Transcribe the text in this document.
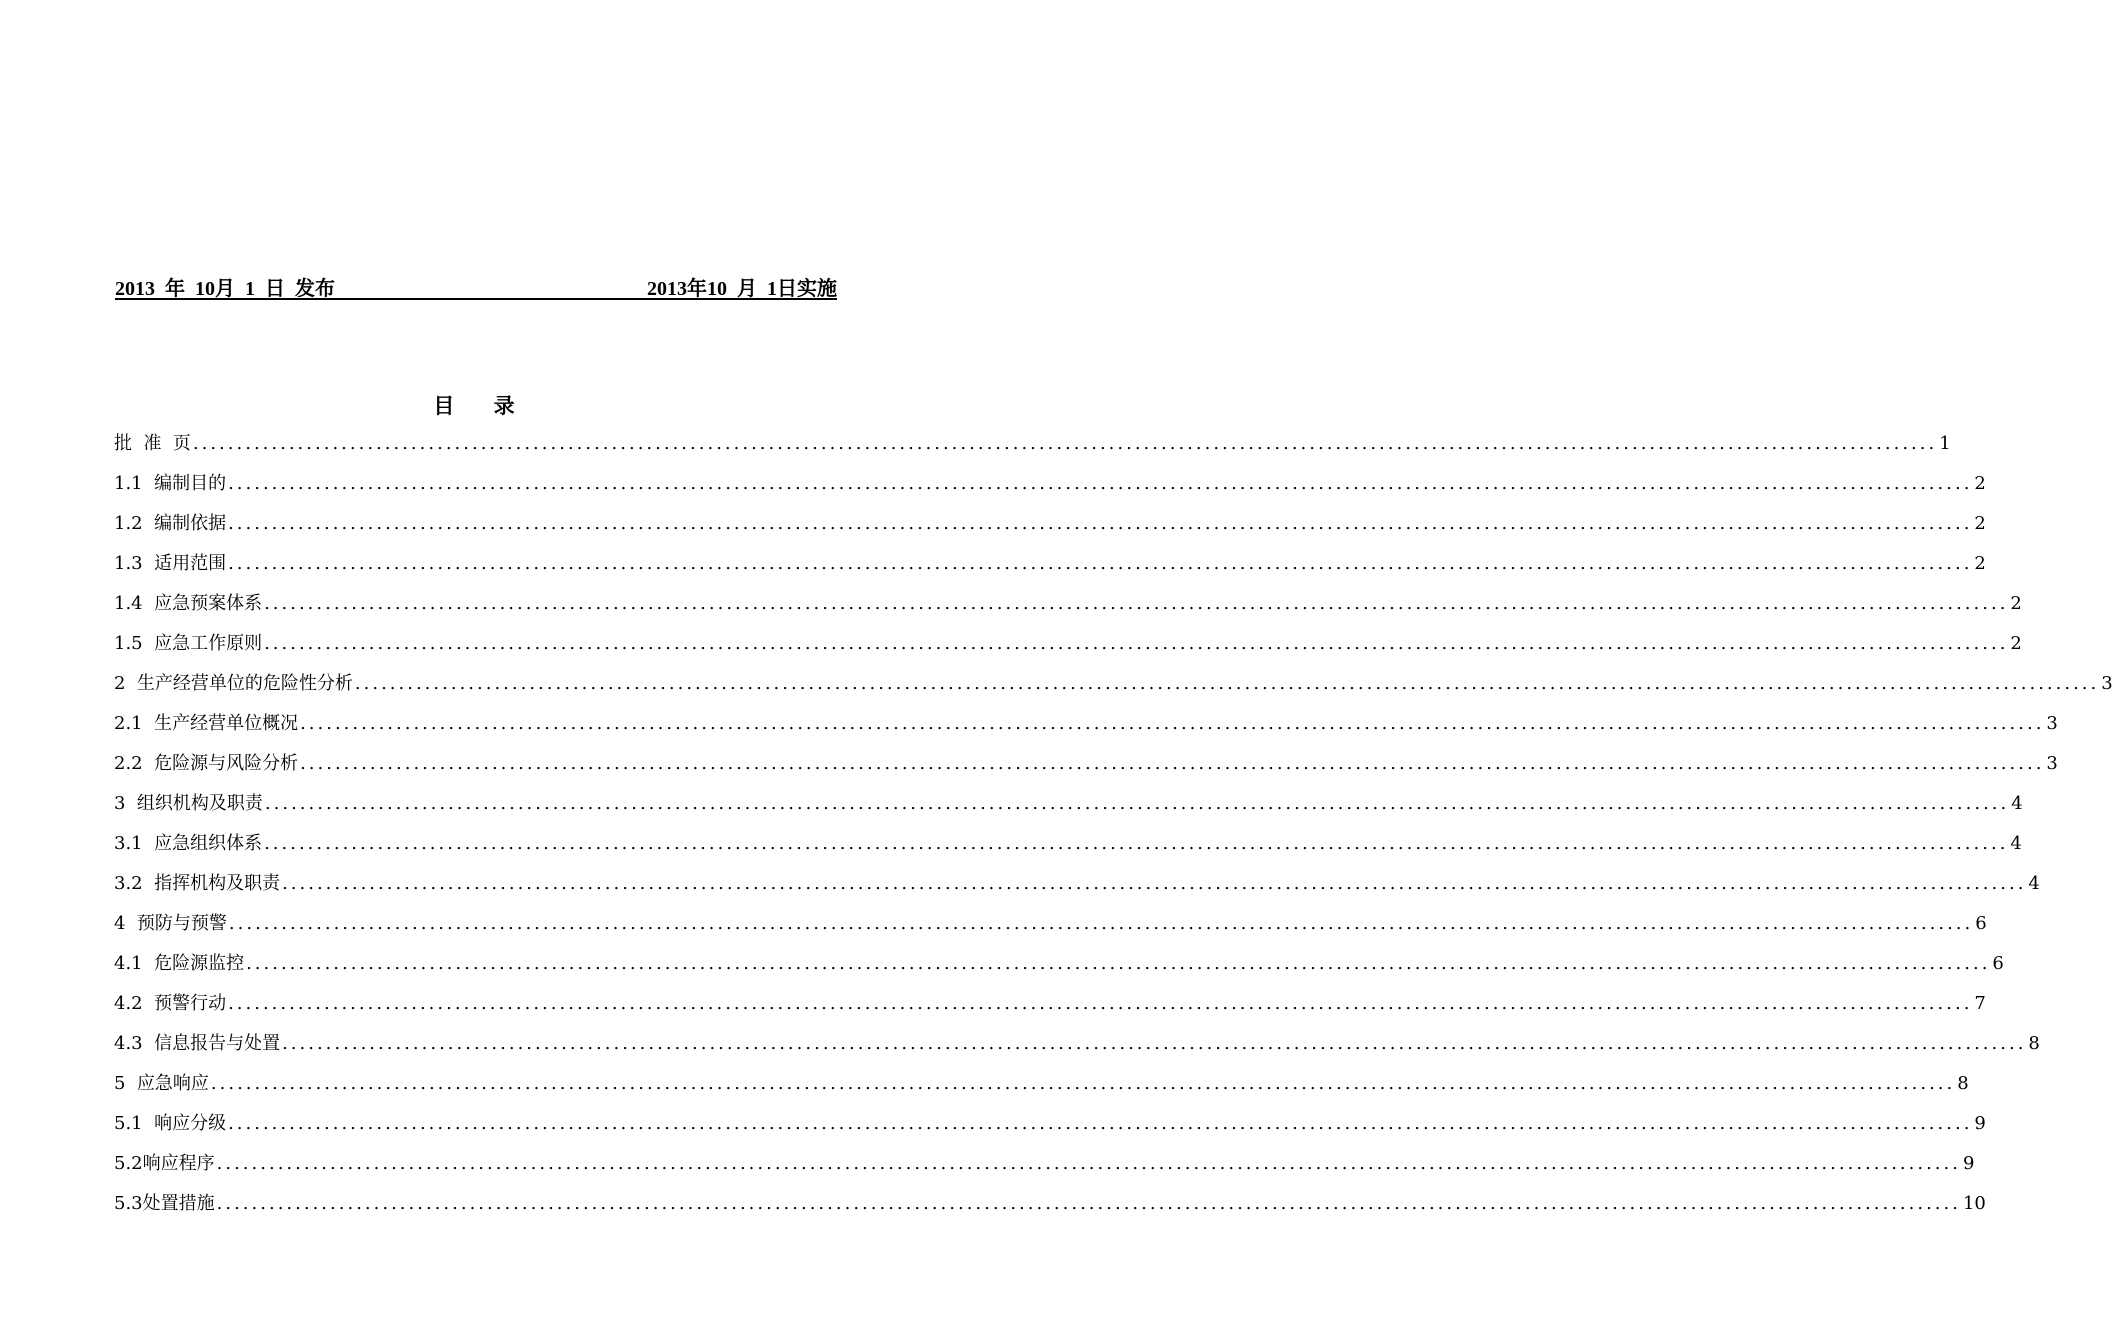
2013  年  10月  1  日  发布	2013年10  月  1日实施
目    录
批  准  页 ........................................................................................................................................................................................................ 1
1.1  编制目的 ........................................................................................................................................................................................................ 2
1.2  编制依据 ........................................................................................................................................................................................................ 2
1.3  适用范围 ........................................................................................................................................................................................................ 2
1.4  应急预案体系 ........................................................................................................................................................................................................ 2
1.5  应急工作原则 ........................................................................................................................................................................................................ 2
2  生产经营单位的危险性分析 ........................................................................................................................................................................................................ 3
2.1  生产经营单位概况 ........................................................................................................................................................................................................ 3
2.2  危险源与风险分析 ........................................................................................................................................................................................................ 3
3  组织机构及职责 ........................................................................................................................................................................................................ 4
3.1  应急组织体系 ........................................................................................................................................................................................................ 4
3.2  指挥机构及职责 ........................................................................................................................................................................................................ 4
4  预防与预警 ........................................................................................................................................................................................................ 6
4.1  危险源监控 ........................................................................................................................................................................................................ 6
4.2  预警行动 ........................................................................................................................................................................................................ 7
4.3  信息报告与处置 ........................................................................................................................................................................................................ 8
5  应急响应 ........................................................................................................................................................................................................ 8
5.1  响应分级 ........................................................................................................................................................................................................ 9
5.2响应程序 ........................................................................................................................................................................................................ 9
5.3处置措施 ........................................................................................................................................................................................................ 10
